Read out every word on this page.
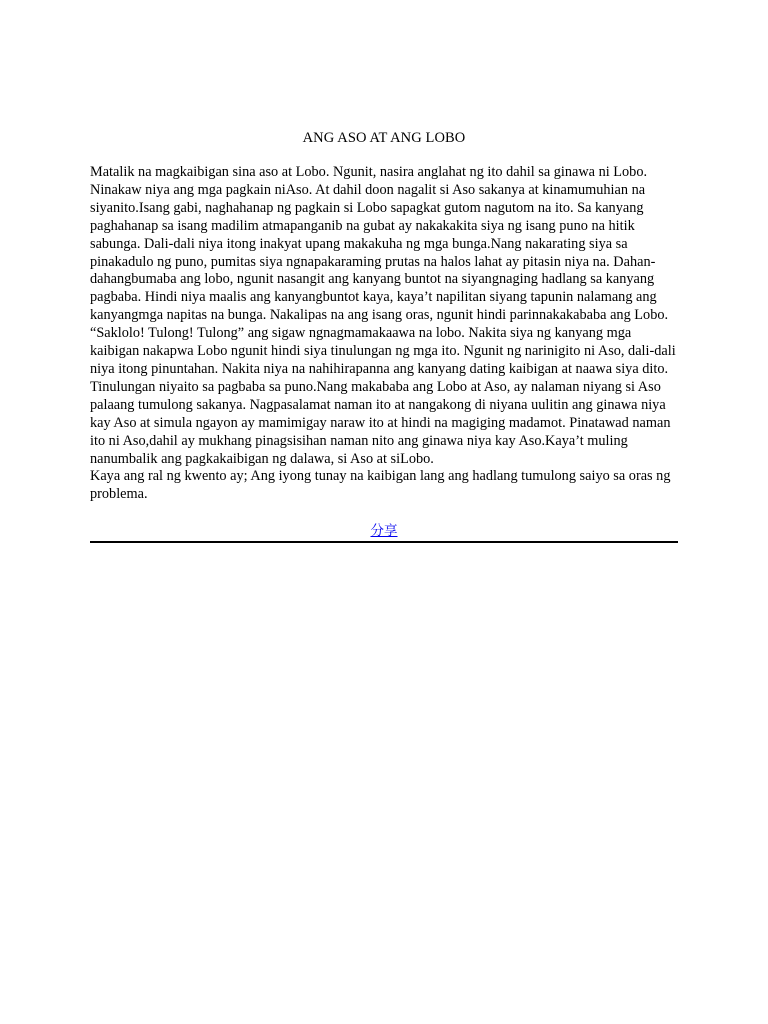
ANG ASO AT ANG LOBO

Matalik na magkaibigan sina aso at Lobo. Ngunit, nasira anglahat ng ito dahil sa ginawa ni Lobo. Ninakaw niya ang mga pagkain niAso. At dahil doon nagalit si Aso sakanya at kinamumuhian na siyanito.Isang gabi, naghahanap ng pagkain si Lobo sapagkat gutom nagutom na ito. Sa kanyang paghahanap sa isang madilim atmapanganib na gubat ay nakakakita siya ng isang puno na hitik sabunga. Dali-dali niya itong inakyat upang makakuha ng mga bunga.Nang nakarating siya sa pinakadulo ng puno, pumitas siya ngnapakaraming prutas na halos lahat ay pitasin niya na. Dahan-dahangbumaba ang lobo, ngunit nasangit ang kanyang buntot na siyangnaging hadlang sa kanyang pagbaba. Hindi niya maalis ang kanyangbuntot kaya, kaya’t napilitan siyang tapunin nalamang ang kanyangmga napitas na bunga. Nakalipas na ang isang oras, ngunit hindi parinnakakababa ang Lobo. “Saklolo! Tulong! Tulong” ang sigaw ngnagmamakaawa na lobo. Nakita siya ng kanyang mga kaibigan nakapwa Lobo ngunit hindi siya tinulungan ng mga ito. Ngunit ng narinigito ni Aso, dali-dali niya itong pinuntahan. Nakita niya na nahihirapanna ang kanyang dating kaibigan at naawa siya dito. Tinulungan niyaito sa pagbaba sa puno.Nang makababa ang Lobo at Aso, ay nalaman niyang si Aso palaang tumulong sakanya. Nagpasalamat naman ito at nangakong di niyana uulitin ang ginawa niya kay Aso at simula ngayon ay mamimigay naraw ito at hindi na magiging madamot. Pinatawad naman ito ni Aso,dahil ay mukhang pinagsisihan naman nito ang ginawa niya kay Aso.Kaya’t muling nanumbalik ang pagkakaibigan ng dalawa, si Aso at siLobo.

Kaya ang ral ng kwento ay; Ang iyong tunay na kaibigan lang ang hadlang tumulong saiyo sa oras ng problema.

分享
